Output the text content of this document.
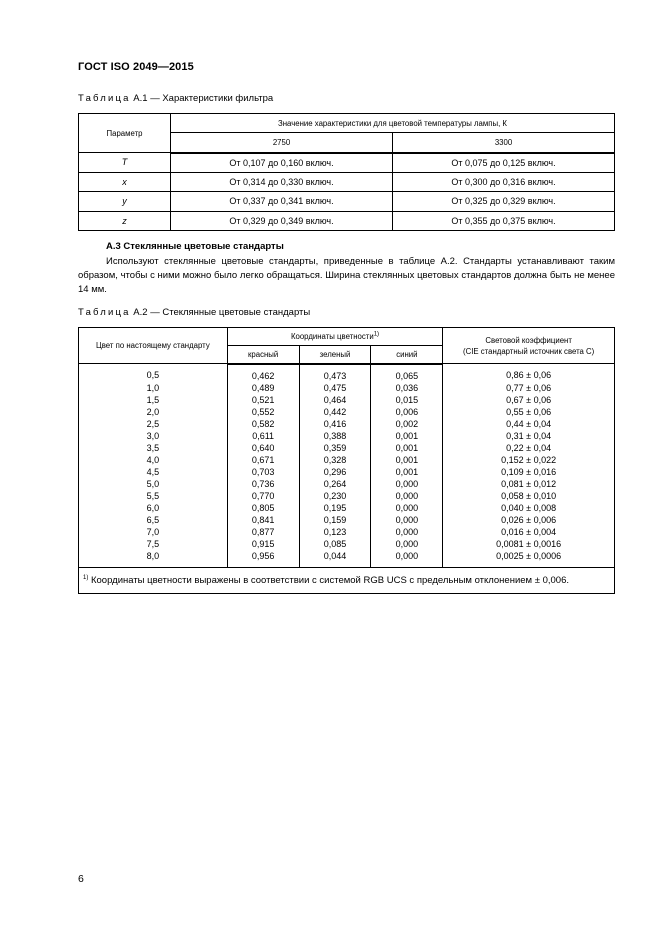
ГОСТ ISO 2049—2015
Таблица А.1 — Характеристики фильтра
Параметр	Значение характеристики для цветовой температуры лампы, К	
	2750	3300
T	От 0,107 до 0,160 включ.	От 0,075 до 0,125 включ.
x	От 0,314 до 0,330 включ.	От 0,300 до 0,316 включ.
y	От 0,337 до 0,341 включ.	От 0,325 до 0,329 включ.
z	От 0,329 до 0,349 включ.	От 0,355 до 0,375 включ.
А.3 Стеклянные цветовые стандарты
Используют стеклянные цветовые стандарты, приведенные в таблице А.2. Стандарты устанавливают таким образом, чтобы с ними можно было легко обращаться. Ширина стеклянных цветовых стандартов должна быть не менее 14 мм.
Таблица А.2 — Стеклянные цветовые стандарты
Цвет по настоящему стандарту	Координаты цветности$^{1)}$			Световой коэффициент
(CIE стандартный источник света С)

	красный	зеленый	синий	
0,5	0,462	0,473	0,065	0,86 ± 0,06
1,0	0,489	0,475	0,036	0,77 ± 0,06
1,5	0,521	0,464	0,015	0,67 ± 0,06
2,0	0,552	0,442	0,006	0,55 ± 0,06
2,5	0,582	0,416	0,002	0,44 ± 0,04
3,0	0,611	0,388	0,001	0,31 ± 0,04
3,5	0,640	0,359	0,001	0,22 ± 0,04
4,0	0,671	0,328	0,001	0,152 ± 0,022
4,5	0,703	0,296	0,001	0,109 ± 0,016
5,0	0,736	0,264	0,000	0,081 ± 0,012
5,5	0,770	0,230	0,000	0,058 ± 0,010
6,0	0,805	0,195	0,000	0,040 ± 0,008
6,5	0,841	0,159	0,000	0,026 ± 0,006
7,0	0,877	0,123	0,000	0,016 ± 0,004
7,5	0,915	0,085	0,000	0,0081 ± 0,0016
8,0	0,956	0,044	0,000	0,0025 ± 0,0006
$^{1)}$ Координаты цветности выражены в соответствии с системой RGB UCS с предельным отклонением ± 0,006.				
6
